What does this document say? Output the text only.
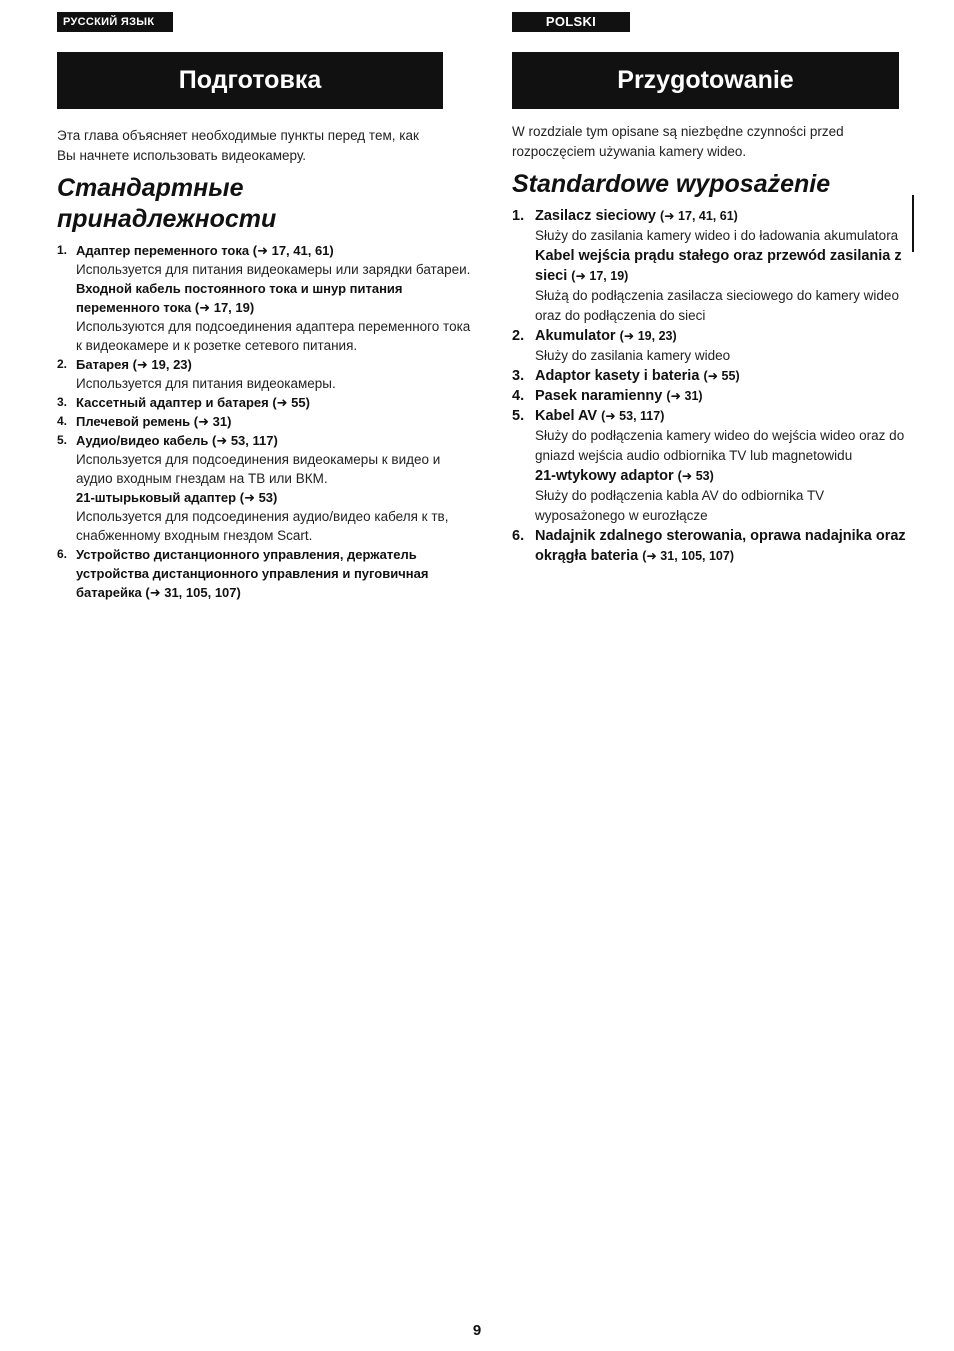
РУССКИЙ ЯЗЫК
Подготовка
Эта глава объясняет необходимые пункты перед тем, как Вы начнете использовать видеокамеру.
Стандартные принадлежности
1. Адаптер переменного тока (➜ 17, 41, 61)
Используется для питания видеокамеры или зарядки батареи.
Входной кабель постоянного тока и шнур питания переменного тока (➜ 17, 19)
Используются для подсоединения адаптера переменного тока к видеокамере и к розетке сетевого питания.
2. Батарея (➜ 19, 23)
Используется для питания видеокамеры.
3. Кассетный адаптер и батарея (➜ 55)
4. Плечевой ремень (➜ 31)
5. Аудио/видео кабель (➜ 53, 117)
Используется для подсоединения видеокамеры к видео и аудио входным гнездам на ТВ или ВКМ.
21-штырьковый адаптер (➜ 53)
Используется для подсоединения аудио/видео кабеля к тв, снабженному входным гнездом Scart.
6. Устройство дистанционного управления, держатель устройства дистанционного управления и пуговичная батарейка (➜ 31, 105, 107)
POLSKI
Przygotowanie
W rozdziale tym opisane są niezbędne czynności przed rozpoczęciem używania kamery wideo.
Standardowe wyposażenie
1. Zasilacz sieciowy (➜ 17, 41, 61)
Służy do zasilania kamery wideo i do ładowania akumulatora
Kabel wejścia prądu stałego oraz przewód zasilania z sieci (➜ 17, 19)
Służą do podłączenia zasilacza sieciowego do kamery wideo oraz do podłączenia do sieci
2. Akumulator (➜ 19, 23)
Służy do zasilania kamery wideo
3. Adaptor kasety i bateria (➜ 55)
4. Pasek naramienny (➜ 31)
5. Kabel AV (➜ 53, 117)
Służy do podłączenia kamery wideo do wejścia wideo oraz do gniazd wejścia audio odbiornika TV lub magnetowidu
21-wtykowy adaptor (➜ 53)
Służy do podłączenia kabla AV do odbiornika TV wyposażonego w eurozłącze
6. Nadajnik zdalnego sterowania, oprawa nadajnika oraz okrągła bateria (➜ 31, 105, 107)
9
